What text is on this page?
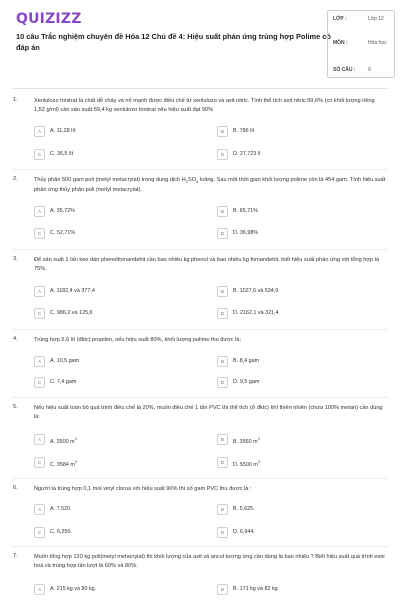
QUIZIZZ
10 câu Trắc nghiệm chuyên đề Hóa 12 Chủ đề 4: Hiệu suất phản ứng trùng hợp Polime có đáp án
LỚP :	Lớp 12
MÔN :	Hóa học
SỐ CÂU :	9
1.	Xenlulozo trinitrat là chất dễ cháy và nổ mạnh được điều chế từ xenlulozo và axit nitric. Tính thể tích axit nitric 99,6% (có khối lượng riêng 1,52 g/ml) cần sản xuất 59,4 kg xenlulozo trinitrat nếu hiệu suất đạt 90%
A	A. 11,28 lít	B	B. 786 lít
C	C. 36,5 lít	D	D. 27,723 lí
2.	Thủy phân 500 gam poli (metyl metacrylat) trong dung dịch $H_2SO_4$ loãng. Sau một thời gian khối lượng polime còn là 454 gam. Tính hiệu suất phản ứng thủy phân poli (metyl metacrylat).
A	A. 35,72%	B	B. 65,71%
C	C. 52,71%	D	D. 36,98%
3.	Để sản xuất 1 tấn keo dán phenolfomandehit cần bao nhiêu kg phenol và bao nhiêu kg fomandehit, biết hiệu suất phản ứng với tổng hợp là 75%.
A	A. 1182,4 và 377,4	B	B. 1027,6 và 534,9
C	C. 986,2 và 125,6	D	D. 2162,1 và 321,4
4.	Trùng hợp 5,6 lít (đktc) propilen, nếu hiệu suất 80%, khối lượng polime thu được là:
A	A. 10,5 gam	B	B. 8,4 gam
C	C. 7,4 gam	D	D. 9,5 gam
5.	Nếu hiệu suất toàn bộ quá trình điều chế là 20%, muốn điều chế 1 tấn PVC thì thể tích (ở đktc) khí thiên nhiên (chứa 100% metan) cần dùng là:
A	A. 3500 $m^3$	B	B. 3560 $m^3$
C	C. 3584 $m^3$	D	D. 5500 $m^3$
6.	Người ta trùng hợp 0,1 mol vinyl clorua với hiệu suất 90% thì số gam PVC thu được là :
A	A. 7,520.	B	B. 5,625.
C	C. 6,250.	D	D. 6,944.
7.	Muốn tổng hợp 120 kg poli(metyl metacrylat) thì khối lượng của axit và ancol tương ứng cần dùng là bao nhiêu ? Biết hiệu suất quá trình este hoá và trùng hợp lần lượt là 60% và 80%.
A	A. 215 kg và 80 kg.	B	B. 171 kg và 82 kg
